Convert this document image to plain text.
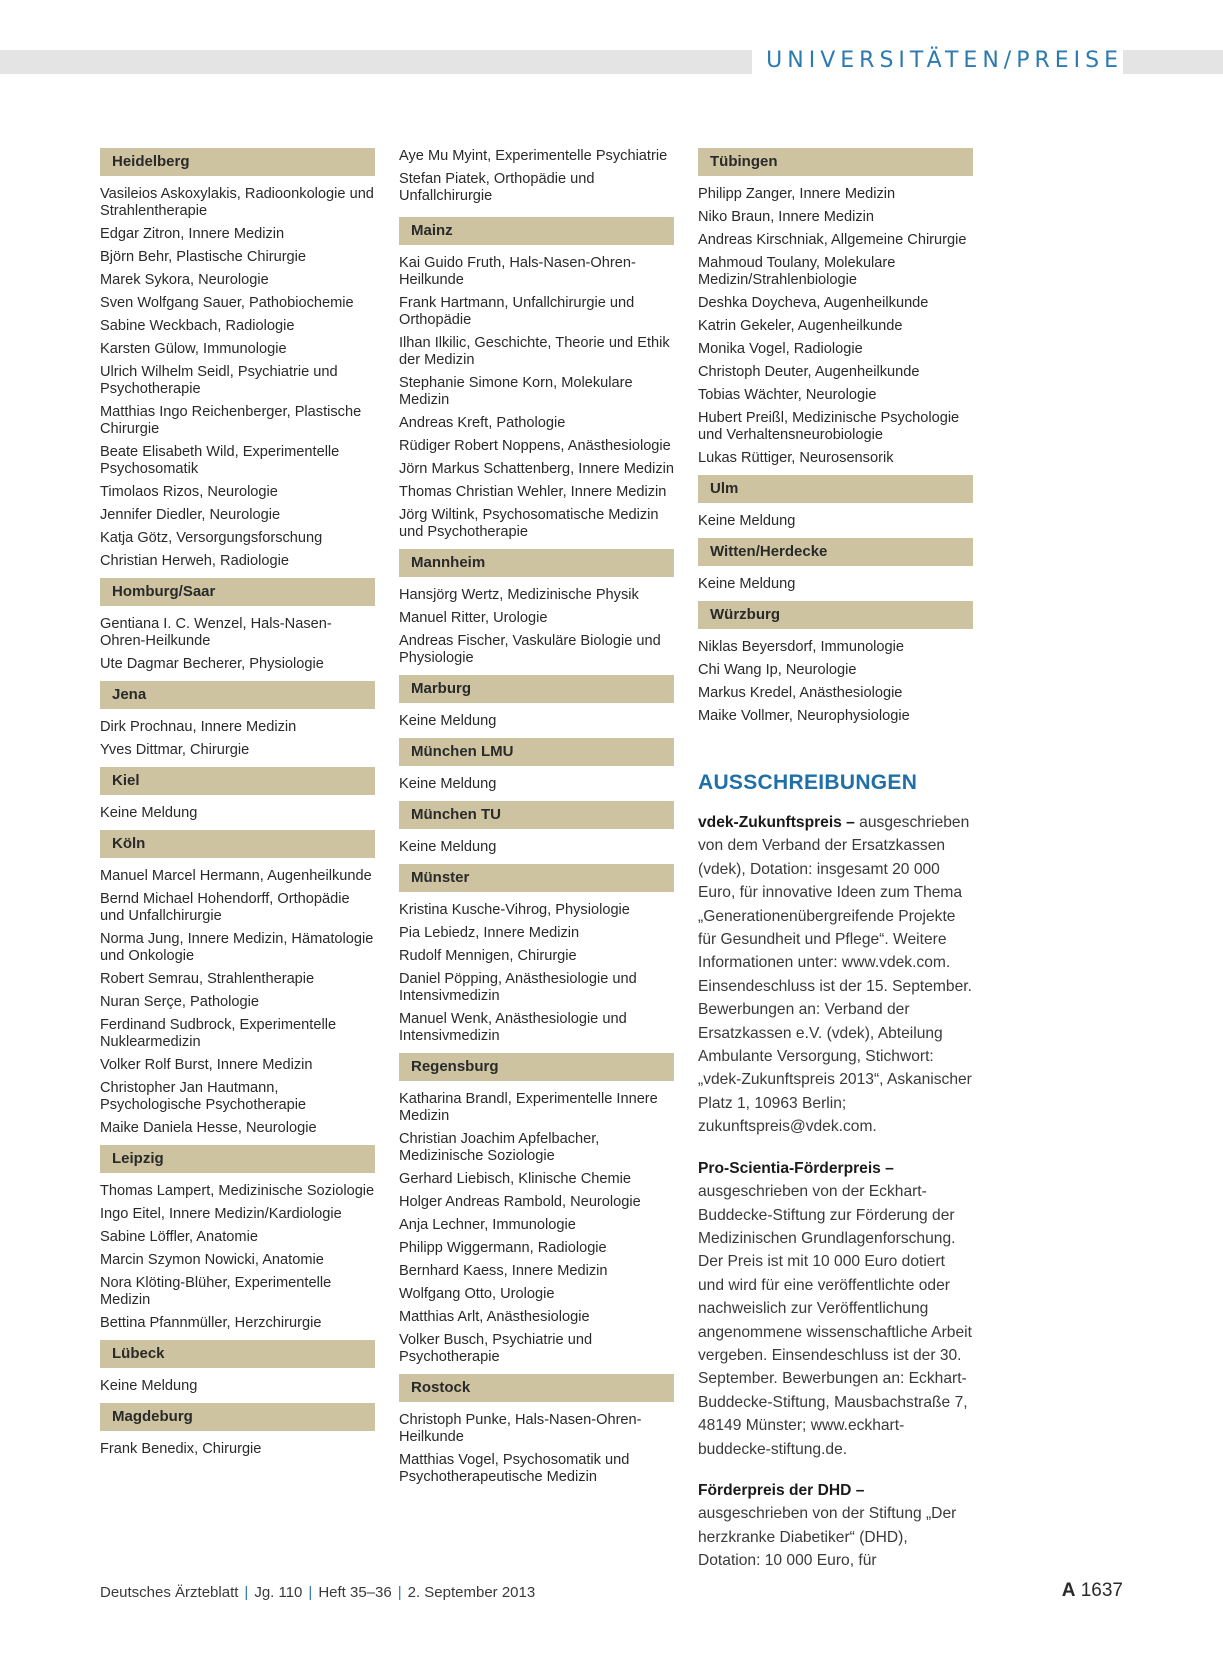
UNIVERSITÄTEN/PREISE
Heidelberg
Vasileios Askoxylakis, Radioonkologie und Strahlentherapie
Edgar Zitron, Innere Medizin
Björn Behr, Plastische Chirurgie
Marek Sykora, Neurologie
Sven Wolfgang Sauer, Pathobiochemie
Sabine Weckbach, Radiologie
Karsten Gülow, Immunologie
Ulrich Wilhelm Seidl, Psychiatrie und Psychotherapie
Matthias Ingo Reichenberger, Plastische Chirurgie
Beate Elisabeth Wild, Experimentelle Psychosomatik
Timolaos Rizos, Neurologie
Jennifer Diedler, Neurologie
Katja Götz, Versorgungsforschung
Christian Herweh, Radiologie
Homburg/Saar
Gentiana I. C. Wenzel, Hals-Nasen-Ohren-Heilkunde
Ute Dagmar Becherer, Physiologie
Jena
Dirk Prochnau, Innere Medizin
Yves Dittmar, Chirurgie
Kiel
Keine Meldung
Köln
Manuel Marcel Hermann, Augenheilkunde
Bernd Michael Hohendorff, Orthopädie und Unfallchirurgie
Norma Jung, Innere Medizin, Hämatologie und Onkologie
Robert Semrau, Strahlentherapie
Nuran Serçe, Pathologie
Ferdinand Sudbrock, Experimentelle Nuklearmedizin
Volker Rolf Burst, Innere Medizin
Christopher Jan Hautmann, Psychologische Psychotherapie
Maike Daniela Hesse, Neurologie
Leipzig
Thomas Lampert, Medizinische Soziologie
Ingo Eitel, Innere Medizin/Kardiologie
Sabine Löffler, Anatomie
Marcin Szymon Nowicki, Anatomie
Nora Klöting-Blüher, Experimentelle Medizin
Bettina Pfannmüller, Herzchirurgie
Lübeck
Keine Meldung
Magdeburg
Frank Benedix, Chirurgie
Aye Mu Myint, Experimentelle Psychiatrie
Stefan Piatek, Orthopädie und Unfallchirurgie
Mainz
Kai Guido Fruth, Hals-Nasen-Ohren-Heilkunde
Frank Hartmann, Unfallchirurgie und Orthopädie
Ilhan Ilkilic, Geschichte, Theorie und Ethik der Medizin
Stephanie Simone Korn, Molekulare Medizin
Andreas Kreft, Pathologie
Rüdiger Robert Noppens, Anästhesiologie
Jörn Markus Schattenberg, Innere Medizin
Thomas Christian Wehler, Innere Medizin
Jörg Wiltink, Psychosomatische Medizin und Psychotherapie
Mannheim
Hansjörg Wertz, Medizinische Physik
Manuel Ritter, Urologie
Andreas Fischer, Vaskuläre Biologie und Physiologie
Marburg
Keine Meldung
München LMU
Keine Meldung
München TU
Keine Meldung
Münster
Kristina Kusche-Vihrog, Physiologie
Pia Lebiedz, Innere Medizin
Rudolf Mennigen, Chirurgie
Daniel Pöpping, Anästhesiologie und Intensivmedizin
Manuel Wenk, Anästhesiologie und Intensivmedizin
Regensburg
Katharina Brandl, Experimentelle Innere Medizin
Christian Joachim Apfelbacher, Medizinische Soziologie
Gerhard Liebisch, Klinische Chemie
Holger Andreas Rambold, Neurologie
Anja Lechner, Immunologie
Philipp Wiggermann, Radiologie
Bernhard Kaess, Innere Medizin
Wolfgang Otto, Urologie
Matthias Arlt, Anästhesiologie
Volker Busch, Psychiatrie und Psychotherapie
Rostock
Christoph Punke, Hals-Nasen-Ohren-Heilkunde
Matthias Vogel, Psychosomatik und Psychotherapeutische Medizin
Tübingen
Philipp Zanger, Innere Medizin
Niko Braun, Innere Medizin
Andreas Kirschniak, Allgemeine Chirurgie
Mahmoud Toulany, Molekulare Medizin/Strahlenbiologie
Deshka Doycheva, Augenheilkunde
Katrin Gekeler, Augenheilkunde
Monika Vogel, Radiologie
Christoph Deuter, Augenheilkunde
Tobias Wächter, Neurologie
Hubert Preißl, Medizinische Psychologie und Verhaltensneurobiologie
Lukas Rüttiger, Neurosensorik
Ulm
Keine Meldung
Witten/Herdecke
Keine Meldung
Würzburg
Niklas Beyersdorf, Immunologie
Chi Wang Ip, Neurologie
Markus Kredel, Anästhesiologie
Maike Vollmer, Neurophysiologie
AUSSCHREIBUNGEN
vdek-Zukunftspreis – ausgeschrieben von dem Verband der Ersatzkassen (vdek), Dotation: insgesamt 20 000 Euro, für innovative Ideen zum Thema „Generationenübergreifende Projekte für Gesundheit und Pflege“. Weitere Informationen unter: www.vdek.com. Einsendeschluss ist der 15. September. Bewerbungen an: Verband der Ersatzkassen e.V. (vdek), Abteilung Ambulante Versorgung, Stichwort: „vdek-Zukunftspreis 2013“, Askanischer Platz 1, 10963 Berlin; zukunftspreis@vdek.com.
Pro-Scientia-Förderpreis – ausgeschrieben von der Eckhart-Buddecke-Stiftung zur Förderung der Medizinischen Grundlagenforschung. Der Preis ist mit 10 000 Euro dotiert und wird für eine veröffentlichte oder nachweislich zur Veröffentlichung angenommene wissenschaftliche Arbeit vergeben. Einsendeschluss ist der 30. September. Bewerbungen an: Eckhart-Buddecke-Stiftung, Mausbachstraße 7, 48149 Münster; www.eckhart-buddecke-stiftung.de.
Förderpreis der DHD – ausgeschrieben von der Stiftung „Der herzkranke Diabetiker“ (DHD), Dotation: 10 000 Euro, für
Deutsches Ärzteblatt | Jg. 110 | Heft 35–36 | 2. September 2013	A 1637
